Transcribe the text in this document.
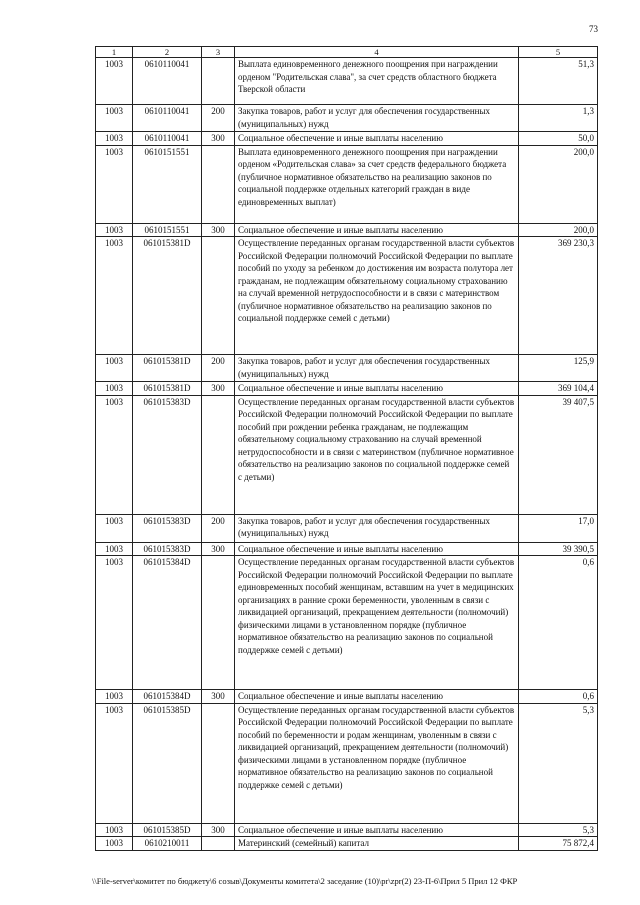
73
1	2	3	4	5
1003	0610110041		Выплата единовременного денежного поощрения при награждении орденом "Родительская слава", за счет средств областного бюджета Тверской области	51,3
1003	0610110041	200	Закупка товаров, работ и услуг для обеспечения государственных (муниципальных) нужд	1,3
1003	0610110041	300	Социальное обеспечение и иные выплаты населению	50,0
1003	0610151551		Выплата единовременного денежного поощрения при награждении орденом «Родительская слава» за счет средств федерального бюджета (публичное нормативное обязательство на реализацию законов по социальной поддержке отдельных категорий граждан в виде единовременных выплат)	200,0
1003	0610151551	300	Социальное обеспечение и иные выплаты населению	200,0
1003	061015381D		Осуществление переданных органам государственной власти субъектов Российской Федерации полномочий Российской Федерации по выплате пособий по уходу за ребенком до достижения им возраста полутора лет гражданам, не подлежащим обязательному социальному страхованию на случай временной нетрудоспособности и в связи с материнством (публичное нормативное обязательство на реализацию законов по социальной поддержке семей с детьми)	369 230,3
1003	061015381D	200	Закупка товаров, работ и услуг для обеспечения государственных (муниципальных) нужд	125,9
1003	061015381D	300	Социальное обеспечение и иные выплаты населению	369 104,4
1003	061015383D		Осуществление переданных органам государственной власти субъектов Российской Федерации полномочий Российской Федерации по выплате пособий при рождении ребенка гражданам, не подлежащим обязательному социальному страхованию на случай временной нетрудоспособности и в связи с материнством (публичное нормативное обязательство на реализацию законов по социальной поддержке семей с детьми)	39 407,5
1003	061015383D	200	Закупка товаров, работ и услуг для обеспечения государственных (муниципальных) нужд	17,0
1003	061015383D	300	Социальное обеспечение и иные выплаты населению	39 390,5
1003	061015384D		Осуществление переданных органам государственной власти субъектов Российской Федерации полномочий Российской Федерации по выплате единовременных пособий женщинам, вставшим на учет в медицинских организациях в ранние сроки беременности, уволенным в связи с ликвидацией организаций, прекращением деятельности (полномочий) физическими лицами в установленном порядке (публичное нормативное обязательство на реализацию законов по социальной поддержке семей с детьми)	0,6
1003	061015384D	300	Социальное обеспечение и иные выплаты населению	0,6
1003	061015385D		Осуществление переданных органам государственной власти субъектов Российской Федерации полномочий Российской Федерации по выплате пособий по беременности и родам женщинам, уволенным в связи с ликвидацией организаций, прекращением деятельности (полномочий) физическими лицами в установленном порядке (публичное нормативное обязательство на реализацию законов по социальной поддержке семей с детьми)	5,3
1003	061015385D	300	Социальное обеспечение и иные выплаты населению	5,3
1003	0610210011		Материнский (семейный) капитал	75 872,4
\\File-server\комитет по бюджету\6 созыв\Документы комитета\2 заседание (10)\pr\zpr(2) 23-П-6\Прил 5 Прил 12 ФКР
